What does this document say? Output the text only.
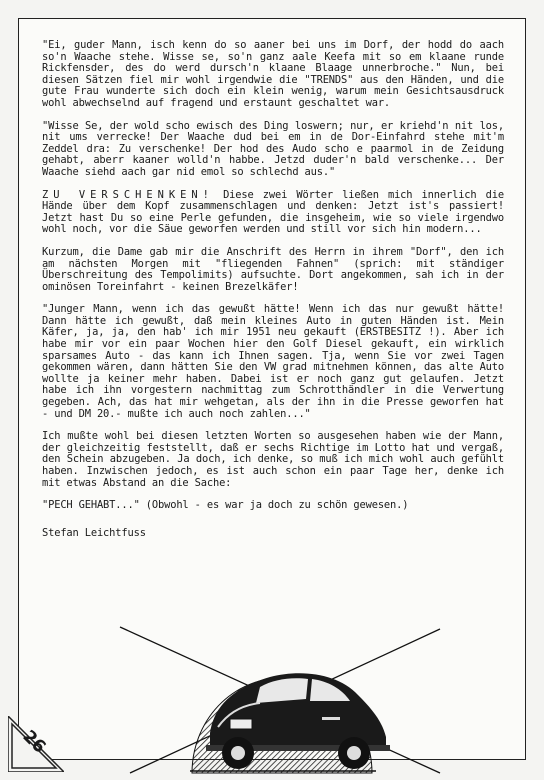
"Ei, guder Mann, isch kenn do so aaner bei uns im Dorf, der hodd do aach so'n Waache stehe. Wisse se, so'n ganz aale Keefa mit so em klaane runde Rickfensder, des do werd dursch'n klaane Blaage unnerbroche." Nun, bei diesen Sätzen fiel mir wohl irgendwie die "TRENDS" aus den Händen, und die gute Frau wunderte sich doch ein klein wenig, warum mein Gesichtsausdruck wohl abwechselnd auf fragend und erstaunt geschaltet war.

"Wisse Se, der wold scho ewisch des Ding loswern; nur, er kriehd'n nit los, nit ums verrecke! Der Waache dud bei em in de Dor-Einfahrd stehe mit'm Zeddel dra: Zu verschenke! Der hod des Audo scho e paarmol in de Zeidung gehabt, aberr kaaner wolld'n habbe. Jetzd duder'n bald verschenke... Der Waache siehd aach gar nid emol so schlechd aus."

ZU VERSCHENKEN! Diese zwei Wörter ließen mich innerlich die Hände über dem Kopf zusammenschlagen und denken: Jetzt ist's passiert! Jetzt hast Du so eine Perle gefunden, die insgeheim, wie so viele irgendwo wohl noch, vor die Säue geworfen werden und still vor sich hin modern...

Kurzum, die Dame gab mir die Anschrift des Herrn in ihrem "Dorf", den ich am nächsten Morgen mit "fliegenden Fahnen" (sprich: mit ständiger Überschreitung des Tempolimits) aufsuchte. Dort angekommen, sah ich in der ominösen Toreinfahrt - keinen Brezelkäfer!

"Junger Mann, wenn ich das gewußt hätte! Wenn ich das nur gewußt hätte! Dann hätte ich gewußt, daß mein kleines Auto in guten Händen ist. Mein Käfer, ja, ja, den hab' ich mir 1951 neu gekauft (ERSTBESITZ !). Aber ich habe mir vor ein paar Wochen hier den Golf Diesel gekauft, ein wirklich sparsames Auto - das kann ich Ihnen sagen. Tja, wenn Sie vor zwei Tagen gekommen wären, dann hätten Sie den VW grad mitnehmen können, das alte Auto wollte ja keiner mehr haben. Dabei ist er noch ganz gut gelaufen. Jetzt habe ich ihn vorgestern nachmittag zum Schrotthändler in die Verwertung gegeben. Ach, das hat mir wehgetan, als der ihn in die Presse geworfen hat - und DM 20.- mußte ich auch noch zahlen..."

Ich mußte wohl bei diesen letzten Worten so ausgesehen haben wie der Mann, der gleichzeitig feststellt, daß er sechs Richtige im Lotto hat und vergaß, den Schein abzugeben. Ja doch, ich denke, so muß ich mich wohl auch gefühlt haben. Inzwischen jedoch, es ist auch schon ein paar Tage her, denke ich mit etwas Abstand an die Sache:

"PECH GEHABT..." (Obwohl - es war ja doch zu schön gewesen.)

Stefan Leichtfuss

26
